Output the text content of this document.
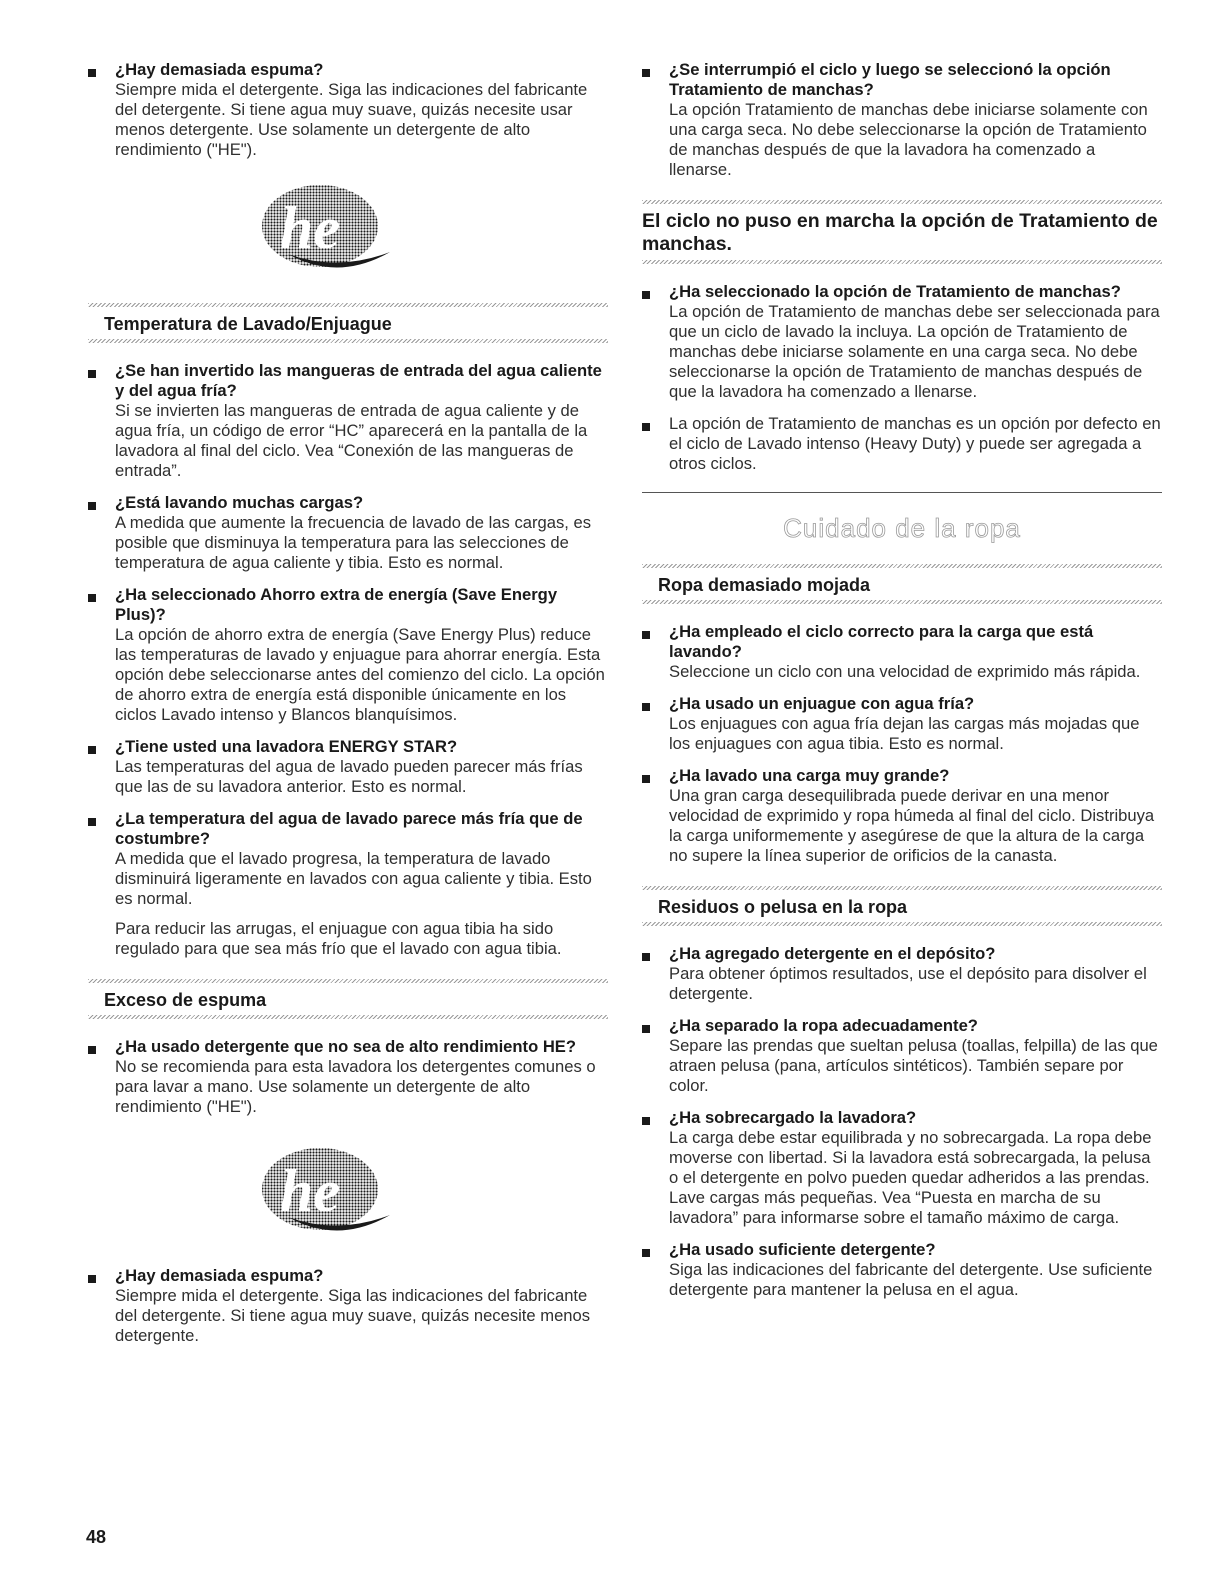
¿Hay demasiada espuma?
Siempre mida el detergente. Siga las indicaciones del fabricante del detergente. Si tiene agua muy suave, quizás necesite usar menos detergente. Use solamente un detergente de alto rendimiento ("HE").
he
Temperatura de Lavado/Enjuague
¿Se han invertido las mangueras de entrada del agua caliente y del agua fría?
Si se invierten las mangueras de entrada de agua caliente y de agua fría, un código de error “HC” aparecerá en la pantalla de la lavadora al final del ciclo. Vea “Conexión de las mangueras de entrada”.
¿Está lavando muchas cargas?
A medida que aumente la frecuencia de lavado de las cargas, es posible que disminuya la temperatura para las selecciones de temperatura de agua caliente y tibia. Esto es normal.
¿Ha seleccionado Ahorro extra de energía (Save Energy Plus)?
La opción de ahorro extra de energía (Save Energy Plus) reduce las temperaturas de lavado y enjuague para ahorrar energía. Esta opción debe seleccionarse antes del comienzo del ciclo. La opción de ahorro extra de energía está disponible únicamente en los ciclos Lavado intenso y Blancos blanquísimos.
¿Tiene usted una lavadora ENERGY STAR?
Las temperaturas del agua de lavado pueden parecer más frías que las de su lavadora anterior. Esto es normal.
¿La temperatura del agua de lavado parece más fría que de costumbre?
A medida que el lavado progresa, la temperatura de lavado disminuirá ligeramente en lavados con agua caliente y tibia. Esto es normal.
Para reducir las arrugas, el enjuague con agua tibia ha sido regulado para que sea más frío que el lavado con agua tibia.
Exceso de espuma
¿Ha usado detergente que no sea de alto rendimiento HE?
No se recomienda para esta lavadora los detergentes comunes o para lavar a mano. Use solamente un detergente de alto rendimiento ("HE").
he
¿Hay demasiada espuma?
Siempre mida el detergente. Siga las indicaciones del fabricante del detergente. Si tiene agua muy suave, quizás necesite menos detergente.
¿Se interrumpió el ciclo y luego se seleccionó la opción Tratamiento de manchas?
La opción Tratamiento de manchas debe iniciarse solamente con una carga seca. No debe seleccionarse la opción de Tratamiento de manchas después de que la lavadora ha comenzado a llenarse.
El ciclo no puso en marcha la opción de Tratamiento de manchas.
¿Ha seleccionado la opción de Tratamiento de manchas?
La opción de Tratamiento de manchas debe ser seleccionada para que un ciclo de lavado la incluya. La opción de Tratamiento de manchas debe iniciarse solamente en una carga seca. No debe seleccionarse la opción de Tratamiento de manchas después de que la lavadora ha comenzado a llenarse.
La opción de Tratamiento de manchas es un opción por defecto en el ciclo de Lavado intenso (Heavy Duty) y puede ser agregada a otros ciclos.
Cuidado de la ropa
Ropa demasiado mojada
¿Ha empleado el ciclo correcto para la carga que está lavando?
Seleccione un ciclo con una velocidad de exprimido más rápida.
¿Ha usado un enjuague con agua fría?
Los enjuagues con agua fría dejan las cargas más mojadas que los enjuagues con agua tibia. Esto es normal.
¿Ha lavado una carga muy grande?
Una gran carga desequilibrada puede derivar en una menor velocidad de exprimido y ropa húmeda al final del ciclo. Distribuya la carga uniformemente y asegúrese de que la altura de la carga no supere la línea superior de orificios de la canasta.
Residuos o pelusa en la ropa
¿Ha agregado detergente en el depósito?
Para obtener óptimos resultados, use el depósito para disolver el detergente.
¿Ha separado la ropa adecuadamente?
Separe las prendas que sueltan pelusa (toallas, felpilla) de las que atraen pelusa (pana, artículos sintéticos). También separe por color.
¿Ha sobrecargado la lavadora?
La carga debe estar equilibrada y no sobrecargada. La ropa debe moverse con libertad. Si la lavadora está sobrecargada, la pelusa o el detergente en polvo pueden quedar adheridos a las prendas. Lave cargas más pequeñas. Vea “Puesta en marcha de su lavadora” para informarse sobre el tamaño máximo de carga.
¿Ha usado suficiente detergente?
Siga las indicaciones del fabricante del detergente. Use suficiente detergente para mantener la pelusa en el agua.
48
